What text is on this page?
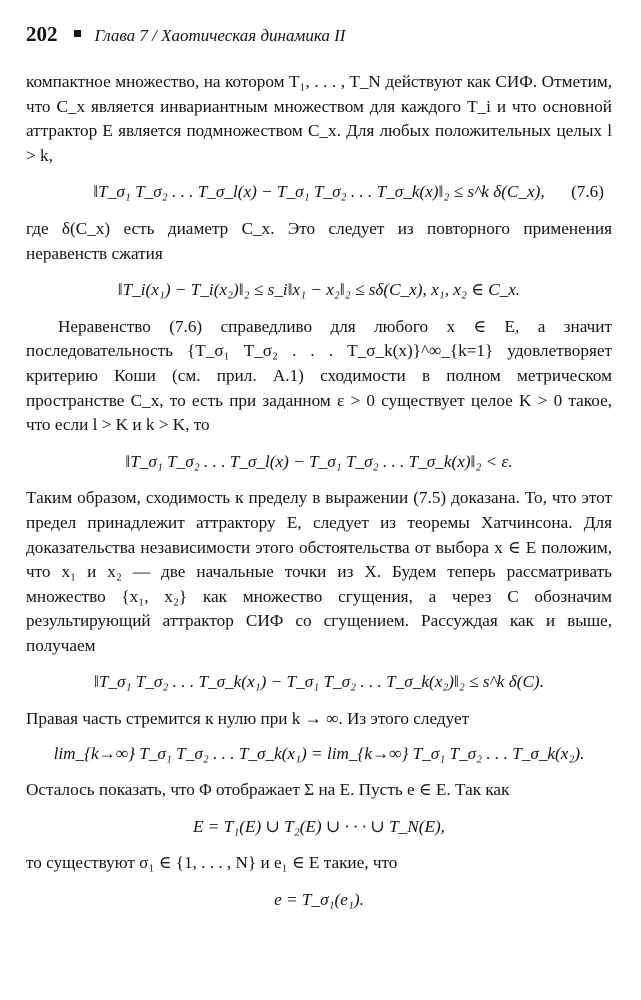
202 Глава 7 / Хаотическая динамика II

компактное множество, на котором T₁, . . . , T_N действуют как СИФ. Отметим, что C_x является инвариантным множеством для каждого T_i и что основной аттрактор E является подмножеством C_x. Для любых положительных целых l > k,

‖T_σ₁ T_σ₂ . . . T_σ_l(x) − T_σ₁ T_σ₂ . . . T_σ_k(x)‖₂ ≤ s^k δ(C_x), (7.6)

где δ(C_x) есть диаметр C_x. Это следует из повторного применения неравенств сжатия

‖T_i(x₁) − T_i(x₂)‖₂ ≤ s_i‖x₁ − x₂‖₂ ≤ sδ(C_x), x₁, x₂ ∈ C_x.

Неравенство (7.6) справедливо для любого x ∈ E, а значит последовательность {T_σ₁ T_σ₂ . . . T_σ_k(x)}^∞_{k=1} удовлетворяет критерию Коши (см. прил. A.1) сходимости в полном метрическом пространстве C_x, то есть при заданном ε > 0 существует целое K > 0 такое, что если l > K и k > K, то

‖T_σ₁ T_σ₂ . . . T_σ_l(x) − T_σ₁ T_σ₂ . . . T_σ_k(x)‖₂ < ε.

Таким образом, сходимость к пределу в выражении (7.5) доказана. То, что этот предел принадлежит аттрактору E, следует из теоремы Хатчинсона. Для доказательства независимости этого обстоятельства от выбора x ∈ E положим, что x₁ и x₂ — две начальные точки из X. Будем теперь рассматривать множество {x₁, x₂} как множество сгущения, а через C обозначим результирующий аттрактор СИФ со сгущением. Рассуждая как и выше, получаем

‖T_σ₁ T_σ₂ . . . T_σ_k(x₁) − T_σ₁ T_σ₂ . . . T_σ_k(x₂)‖₂ ≤ s^k δ(C).

Правая часть стремится к нулю при k → ∞. Из этого следует

lim_{k→∞} T_σ₁ T_σ₂ . . . T_σ_k(x₁) = lim_{k→∞} T_σ₁ T_σ₂ . . . T_σ_k(x₂).

Осталось показать, что Φ отображает Σ на E. Пусть e ∈ E. Так как

E = T₁(E) ∪ T₂(E) ∪ · · · ∪ T_N(E),

то существуют σ₁ ∈ {1, . . . , N} и e₁ ∈ E такие, что

e = T_σ₁(e₁).
